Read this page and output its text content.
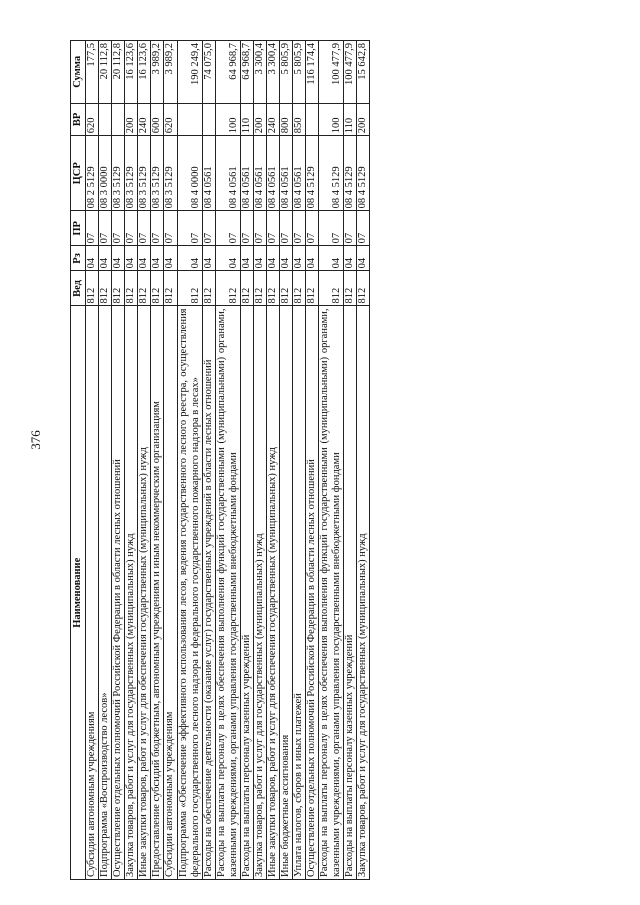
376
Наименование	Вед	Рз	ПР	ЦСР	ВР	Сумма
Субсидии автономным учреждениям	812	04	07	08 2 5129	620	177,5
Подпрограмма «Воспроизводство лесов»	812	04	07	08 3 0000		20 112,8
Осуществление отдельных полномочий Российской Федерации в области лесных отношений	812	04	07	08 3 5129		20 112,8
Закупка товаров, работ и услуг для государственных (муниципальных) нужд	812	04	07	08 3 5129	200	16 123,6
Иные закупки товаров, работ и услуг для обеспечения государственных (муниципальных) нужд	812	04	07	08 3 5129	240	16 123,6
Предоставление субсидий бюджетным, автономным учреждениям и иным некоммерческим организациям	812	04	07	08 3 5129	600	3 989,2
Субсидии автономным учреждениям	812	04	07	08 3 5129	620	3 989,2
Подпрограмма «Обеспечение эффективного использования лесов, ведения государственного лесного реестра, осуществления федерального государственного лесного надзора и федерального государственного пожарного надзора в лесах»	812	04	07	08 4 0000		190 249,4
Расходы на обеспечение деятельности (оказание услуг) государственных учреждений в области лесных отношений	812	04	07	08 4 0561		74 075,0
Расходы на выплаты персоналу в целях обеспечения выполнения функций государственными (муниципальными) органами, казенными учреждениями, органами управления государственными внебюджетными фондами	812	04	07	08 4 0561	100	64 968,7
Расходы на выплаты персоналу казенных учреждений	812	04	07	08 4 0561	110	64 968,7
Закупка товаров, работ и услуг для государственных (муниципальных) нужд	812	04	07	08 4 0561	200	3 300,4
Иные закупки товаров, работ и услуг для обеспечения государственных (муниципальных) нужд	812	04	07	08 4 0561	240	3 300,4
Иные бюджетные ассигнования	812	04	07	08 4 0561	800	5 805,9
Уплата налогов, сборов и иных платежей	812	04	07	08 4 0561	850	5 805,9
Осуществление отдельных полномочий Российской Федерации в области лесных отношений	812	04	07	08 4 5129		116 174,4
Расходы на выплаты персоналу в целях обеспечения выполнения функций государственными (муниципальными) органами, казенными учреждениями, органами управления государственными внебюджетными фондами	812	04	07	08 4 5129	100	100 477,9
Расходы на выплаты персоналу казенных учреждений	812	04	07	08 4 5129	110	100 477,9
Закупка товаров, работ и услуг для государственных (муниципальных) нужд	812	04	07	08 4 5129	200	15 642,8
